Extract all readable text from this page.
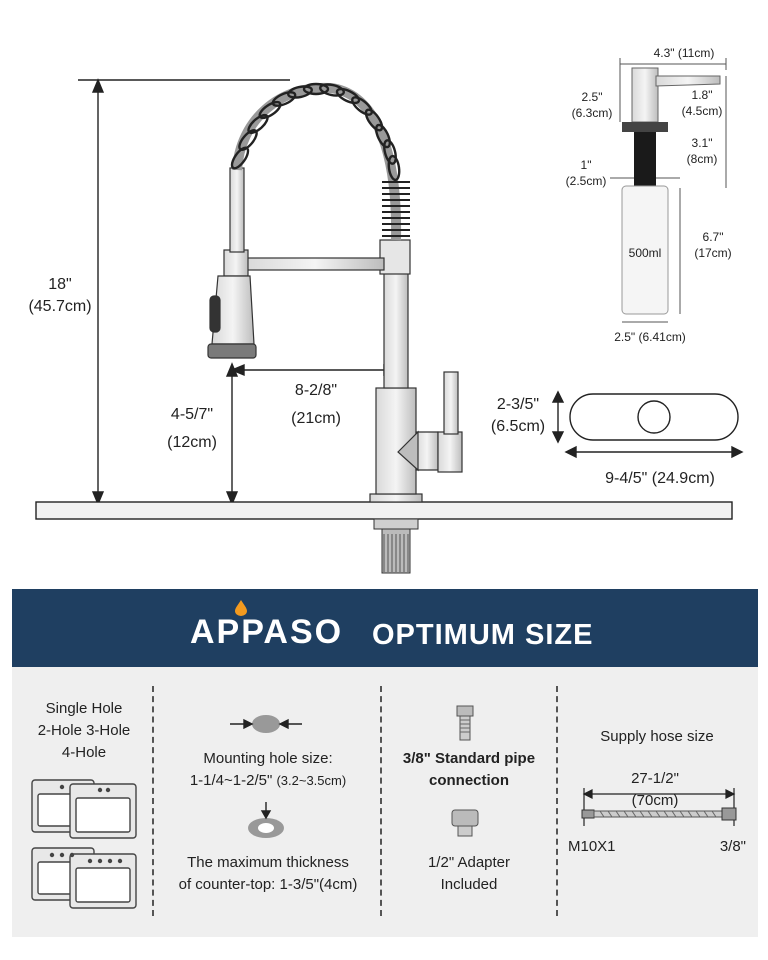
18"
(45.7cm)
8-2/8"
(21cm)
4-5/7"
(12cm)
2-3/5"
(6.5cm)
9-4/5" (24.9cm)
4.3" (11cm)
2.5"
(6.3cm)
1.8"
(4.5cm)
3.1"
(8cm)
1"
(2.5cm)
6.7"
(17cm)
500ml
2.5" (6.41cm)
APPASO OPTIMUM SIZE
Single Hole
2-Hole 3-Hole
4-Hole	Mounting hole size:
1-1/4~1-2/5" (3.2~3.5cm)
The maximum thickness
of counter-top: 1-3/5"(4cm)
3/8" Standard pipe
connection
1/2" Adapter
Included
Supply hose size
27-1/2"
(70cm)
M10X1	3/8"
